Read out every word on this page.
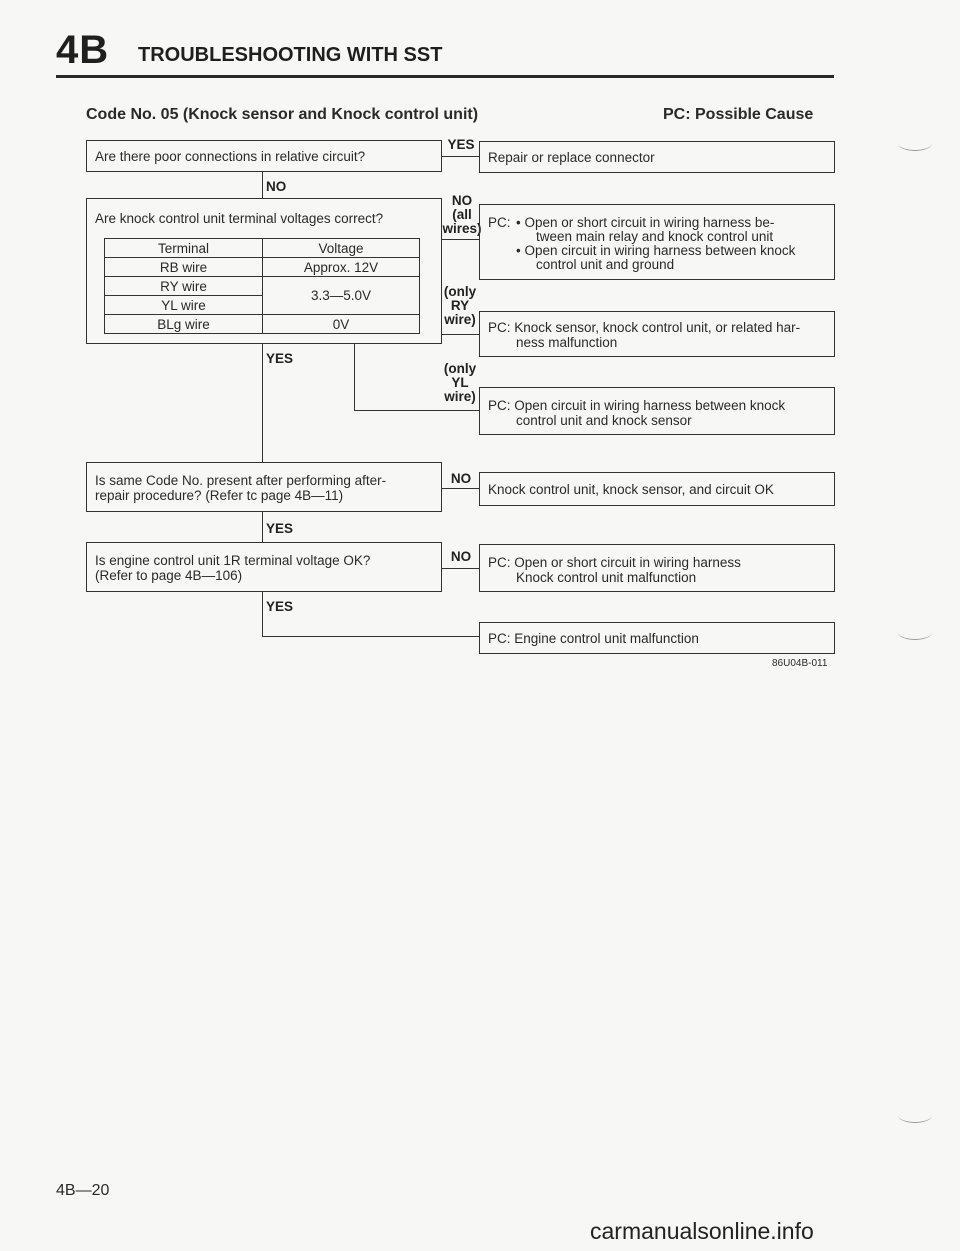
4B TROUBLESHOOTING WITH SST
Code No. 05 (Knock sensor and Knock control unit)	PC: Possible Cause
Are there poor connections in relative circuit?	Repair or replace connector
YES
NO
Are knock control unit terminal voltages correct?
Terminal	Voltage
RB wire	Approx. 12V
RY wire	3.3—5.0V
YL wire	
BLg wire	0V
NO
(all
wires) PC: • Open or short circuit in wiring harness be-
tween main relay and knock control unit
• Open circuit in wiring harness between knock
control unit and ground
(only
RY
wire)
PC: Knock sensor, knock control unit, or related har-
ness malfunction
YES
(only
YL
wire)
PC: Open circuit in wiring harness between knock
control unit and knock sensor
Is same Code No. present after performing after-
repair procedure? (Refer tc page 4B—11)
NO
Knock control unit, knock sensor, and circuit OK
YES
Is engine control unit 1R terminal voltage OK?
(Refer to page 4B—106)
NO	PC: Open or short circuit in wiring harness
Knock control unit malfunction
YES
PC: Engine control unit malfunction
86U04B-011
4B—20
carmanualsonline.info
